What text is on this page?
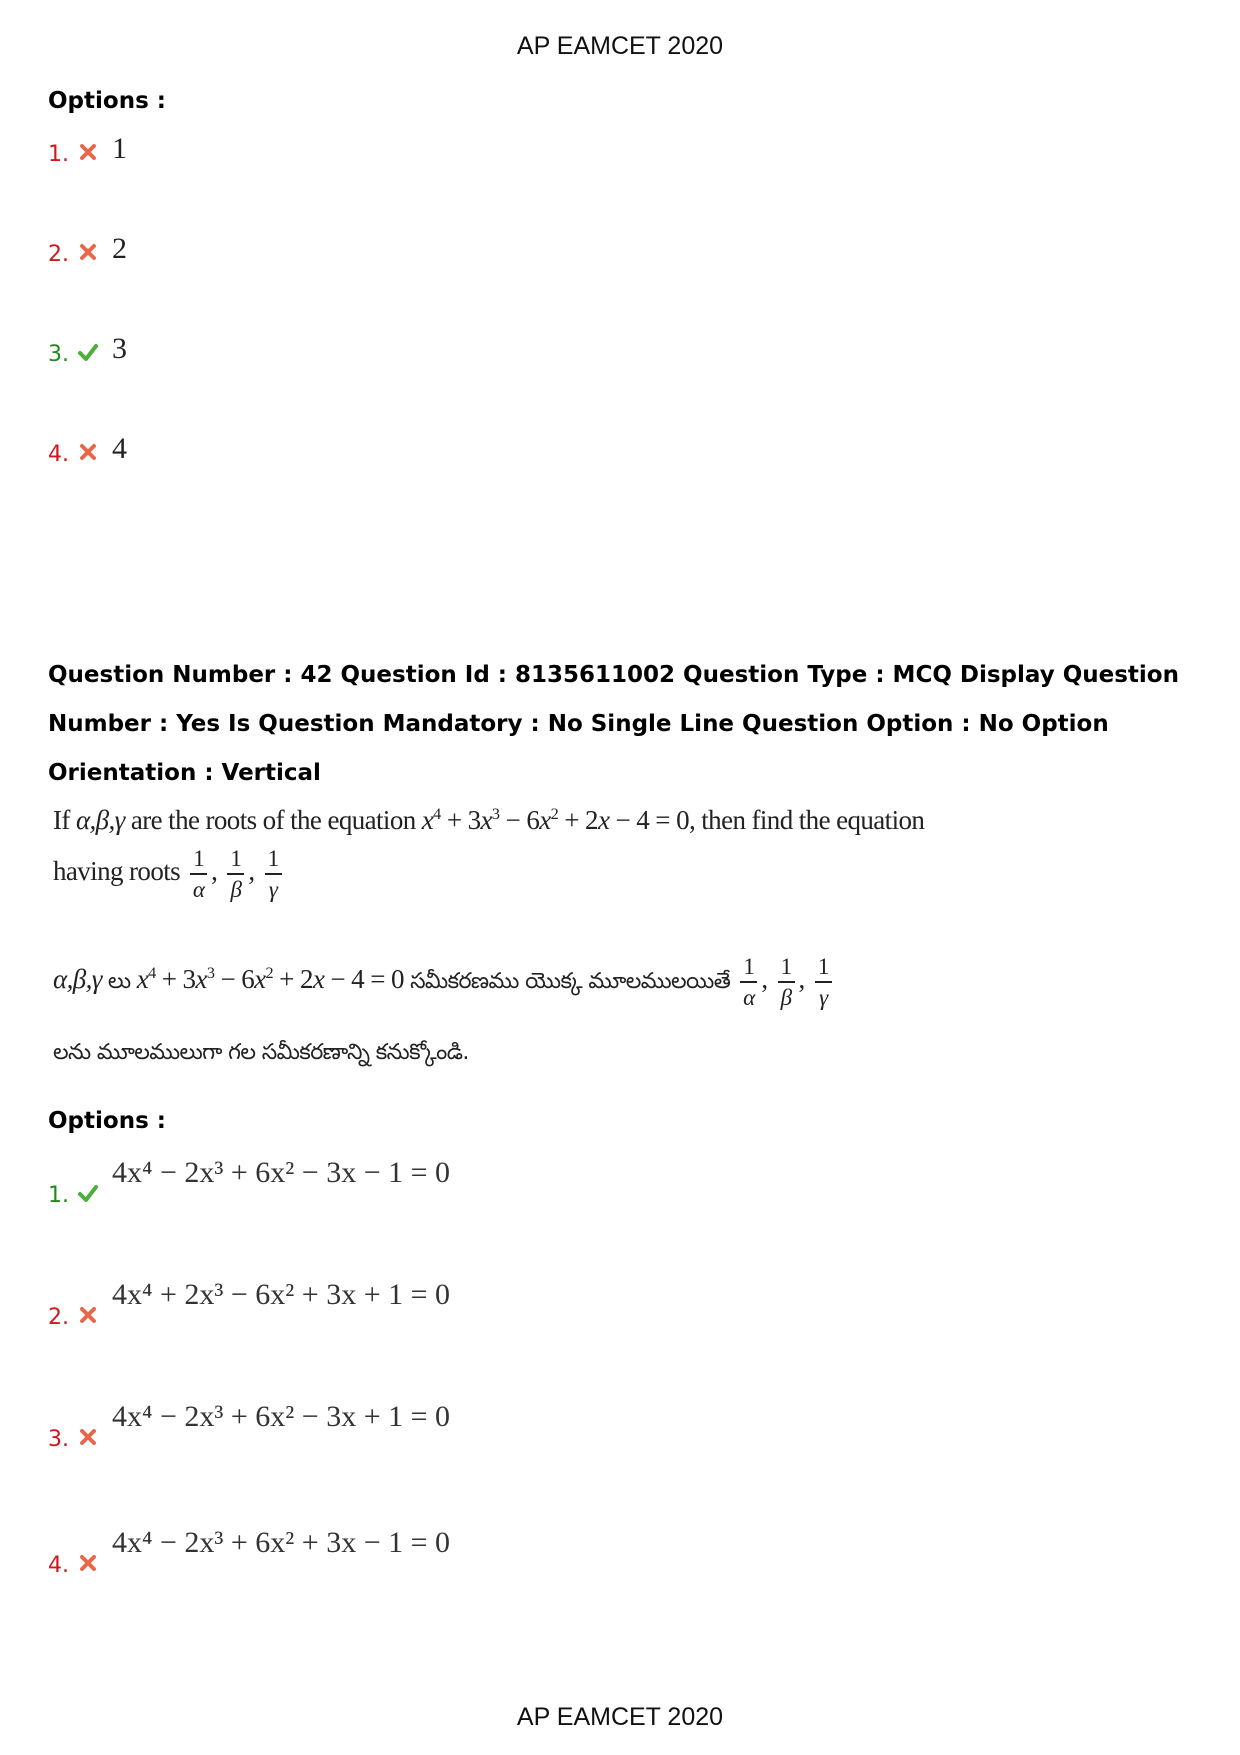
AP EAMCET 2020
Options :
1. 1
2. 2
3. 3
4. 4
Question Number : 42 Question Id : 8135611002 Question Type : MCQ Display Question Number : Yes Is Question Mandatory : No Single Line Question Option : No Option Orientation : Vertical
If α,β,γ are the roots of the equation $x^4 + 3x^3 - 6x^2 + 2x - 4 = 0$, then find the equation
having roots $\frac{1}{\alpha}$ , $\frac{1}{\beta}$ , $\frac{1}{\gamma}$
α,β,γ లు $x^4 + 3x^3 - 6x^2 + 2x - 4 = 0$ సమీకరణము యొక్క మూలములయితే $\frac{1}{\alpha}$ , $\frac{1}{\beta}$ , $\frac{1}{\gamma}$
లను మూలములుగా గల సమీకరణాన్ని కనుక్కోండి.
Options :
1.
4x⁴ − 2x³ + 6x² − 3x − 1 = 0
2.
4x⁴ + 2x³ − 6x² + 3x + 1 = 0
3.
4x⁴ − 2x³ + 6x² − 3x + 1 = 0
4.
4x⁴ − 2x³ + 6x² + 3x − 1 = 0
AP EAMCET 2020
